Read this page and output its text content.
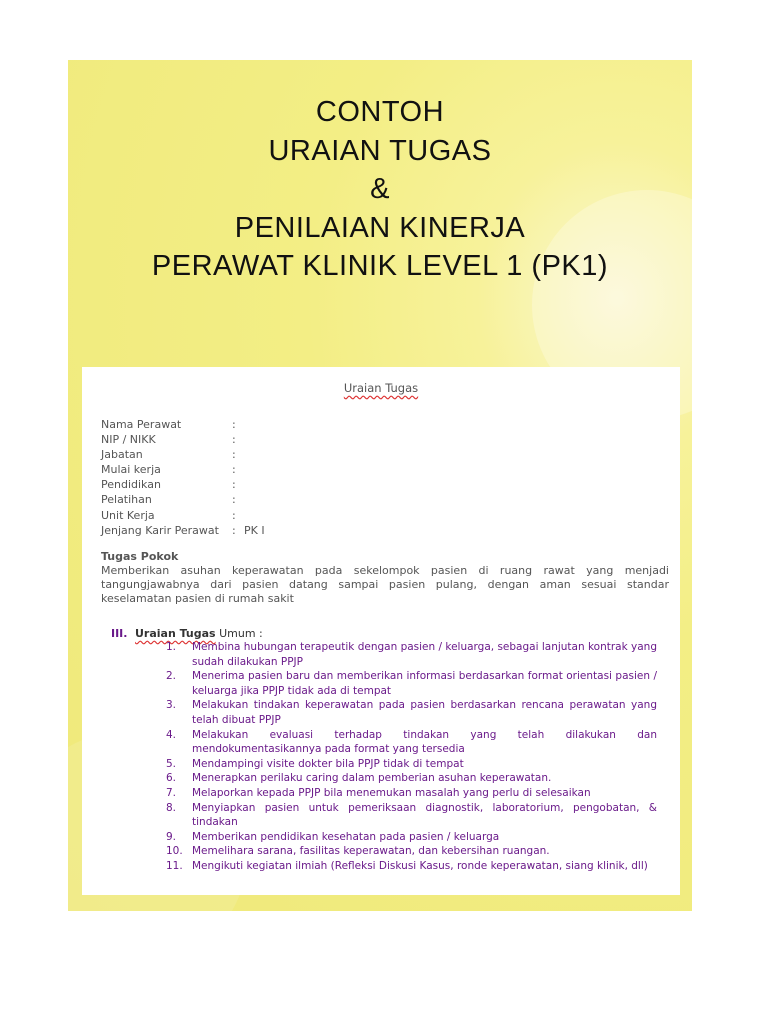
CONTOH
URAIAN TUGAS
&
PENILAIAN KINERJA
PERAWAT KLINIK LEVEL 1 (PK1)
Uraian Tugas
Nama Perawat	:
NIP / NIKK	:
Jabatan	:
Mulai kerja	:
Pendidikan	:
Pelatihan	:
Unit Kerja	:
Jenjang Karir Perawat	: PK I
Tugas Pokok
Memberikan asuhan keperawatan pada sekelompok pasien di ruang rawat yang menjadi tangungjawabnya dari pasien datang sampai pasien pulang, dengan aman sesuai standar keselamatan pasien di rumah sakit
III. Uraian Tugas Umum :
1.	Membina hubungan terapeutik dengan pasien / keluarga, sebagai lanjutan kontrak yang sudah dilakukan PPJP
2.	Menerima pasien baru dan memberikan informasi berdasarkan format orientasi pasien / keluarga jika PPJP tidak ada di tempat
3.	Melakukan tindakan keperawatan pada pasien berdasarkan rencana perawatan yang telah dibuat PPJP
4.	Melakukan evaluasi terhadap tindakan yang telah dilakukan dan mendokumentasikannya pada format yang tersedia
5.	Mendampingi visite dokter bila PPJP tidak di tempat
6.	Menerapkan perilaku caring dalam pemberian asuhan keperawatan.
7.	Melaporkan kepada PPJP bila menemukan masalah yang perlu di selesaikan
8.	Menyiapkan pasien untuk pemeriksaan diagnostik, laboratorium, pengobatan, & tindakan
9.	Memberikan pendidikan kesehatan pada pasien / keluarga
10. Memelihara sarana, fasilitas keperawatan, dan kebersihan ruangan.
11. Mengikuti kegiatan ilmiah (Refleksi Diskusi Kasus, ronde keperawatan, siang klinik, dll)
